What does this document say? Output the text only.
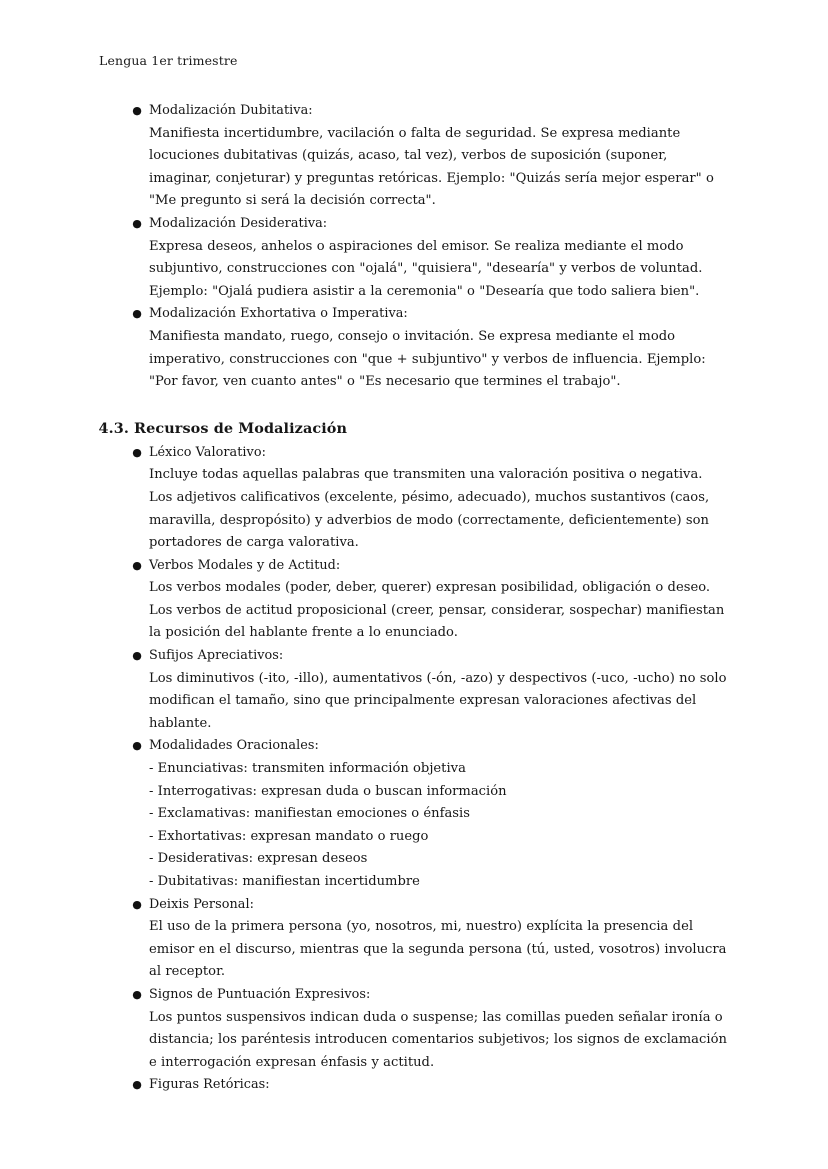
Lengua 1er trimestre
● Modalización Dubitativa:
Manifiesta incertidumbre, vacilación o falta de seguridad. Se expresa mediante locuciones dubitativas (quizás, acaso, tal vez), verbos de suposición (suponer, imaginar, conjeturar) y preguntas retóricas. Ejemplo: "Quizás sería mejor esperar" o "Me pregunto si será la decisión correcta".
● Modalización Desiderativa:
Expresa deseos, anhelos o aspiraciones del emisor. Se realiza mediante el modo subjuntivo, construcciones con "ojalá", "quisiera", "desearía" y verbos de voluntad. Ejemplo: "Ojalá pudiera asistir a la ceremonia" o "Desearía que todo saliera bien".
● Modalización Exhortativa o Imperativa:
Manifiesta mandato, ruego, consejo o invitación. Se expresa mediante el modo imperativo, construcciones con "que + subjuntivo" y verbos de influencia. Ejemplo: "Por favor, ven cuanto antes" o "Es necesario que termines el trabajo".
4.3. Recursos de Modalización
● Léxico Valorativo:
Incluye todas aquellas palabras que transmiten una valoración positiva o negativa. Los adjetivos calificativos (excelente, pésimo, adecuado), muchos sustantivos (caos, maravilla, despropósito) y adverbios de modo (correctamente, deficientemente) son portadores de carga valorativa.
● Verbos Modales y de Actitud:
Los verbos modales (poder, deber, querer) expresan posibilidad, obligación o deseo. Los verbos de actitud proposicional (creer, pensar, considerar, sospechar) manifiestan la posición del hablante frente a lo enunciado.
● Sufijos Apreciativos:
Los diminutivos (-ito, -illo), aumentativos (-ón, -azo) y despectivos (-uco, -ucho) no solo modifican el tamaño, sino que principalmente expresan valoraciones afectivas del hablante.
● Modalidades Oracionales:
- Enunciativas: transmiten información objetiva
- Interrogativas: expresan duda o buscan información
- Exclamativas: manifiestan emociones o énfasis
- Exhortativas: expresan mandato o ruego
- Desiderativas: expresan deseos
- Dubitativas: manifiestan incertidumbre
● Deixis Personal:
El uso de la primera persona (yo, nosotros, mi, nuestro) explícita la presencia del emisor en el discurso, mientras que la segunda persona (tú, usted, vosotros) involucra al receptor.
● Signos de Puntuación Expresivos:
Los puntos suspensivos indican duda o suspense; las comillas pueden señalar ironía o distancia; los paréntesis introducen comentarios subjetivos; los signos de exclamación e interrogación expresan énfasis y actitud.
● Figuras Retóricas:
